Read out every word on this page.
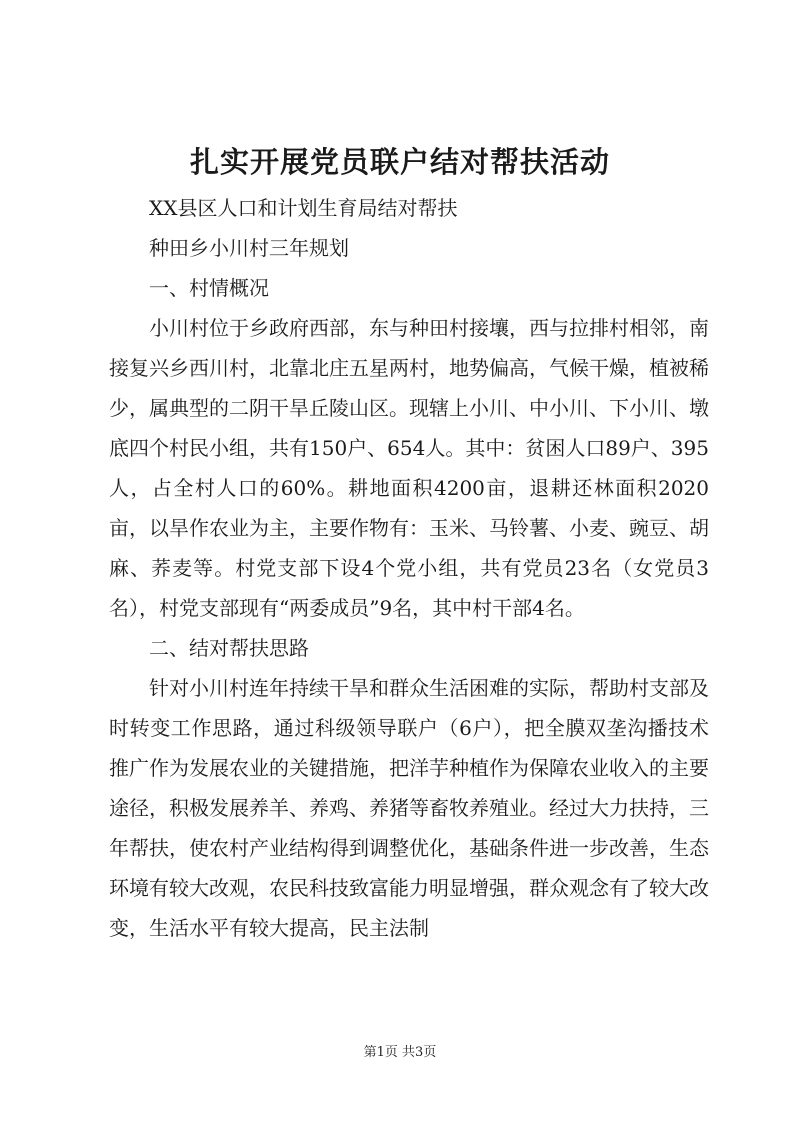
扎实开展党员联户结对帮扶活动

XX县区人口和计划生育局结对帮扶

种田乡小川村三年规划

一、村情概况

小川村位于乡政府西部，东与种田村接壤，西与拉排村相邻，南接复兴乡西川村，北靠北庄五星两村，地势偏高，气候干燥，植被稀少，属典型的二阴干旱丘陵山区。现辖上小川、中小川、下小川、墩底四个村民小组，共有150户、654人。其中：贫困人口89户、395人，占全村人口的60%。耕地面积4200亩，退耕还林面积2020亩，以旱作农业为主，主要作物有：玉米、马铃薯、小麦、豌豆、胡麻、荞麦等。村党支部下设4个党小组，共有党员23名（女党员3名），村党支部现有“两委成员”9名，其中村干部4名。

二、结对帮扶思路

针对小川村连年持续干旱和群众生活困难的实际，帮助村支部及时转变工作思路，通过科级领导联户（6户），把全膜双垄沟播技术推广作为发展农业的关键措施，把洋芋种植作为保障农业收入的主要途径，积极发展养羊、养鸡、养猪等畜牧养殖业。经过大力扶持，三年帮扶，使农村产业结构得到调整优化，基础条件进一步改善，生态环境有较大改观，农民科技致富能力明显增强，群众观念有了较大改变，生活水平有较大提高，民主法制

第1页 共3页
